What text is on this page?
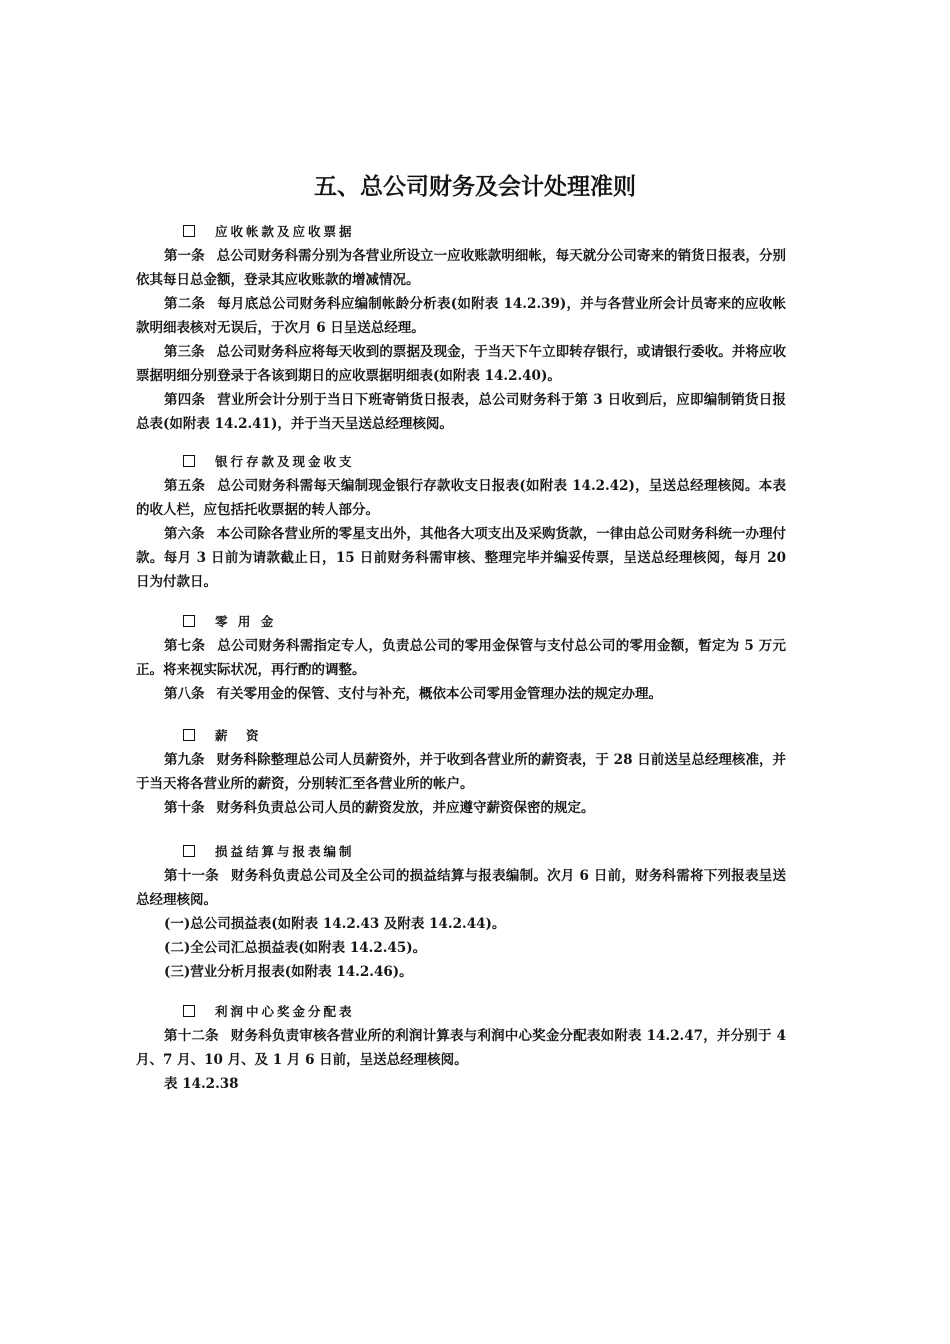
五、总公司财务及会计处理准则
应收帐款及应收票据
第一条 总公司财务科需分别为各营业所设立一应收账款明细帐，每天就分公司寄来的销货日报表，分别依其每日总金额，登录其应收账款的增减情况。
第二条 每月底总公司财务科应编制帐龄分析表(如附表 14.2.39)，并与各营业所会计员寄来的应收帐款明细表核对无误后，于次月 6 日呈送总经理。
第三条 总公司财务科应将每天收到的票据及现金，于当天下午立即转存银行，或请银行委收。并将应收票据明细分别登录于各该到期日的应收票据明细表(如附表 14.2.40)。
第四条 营业所会计分别于当日下班寄销货日报表，总公司财务科于第 3 日收到后，应即编制销货日报总表(如附表 14.2.41)，并于当天呈送总经理核阅。
银行存款及现金收支
第五条 总公司财务科需每天编制现金银行存款收支日报表(如附表 14.2.42)，呈送总经理核阅。本表的收人栏，应包括托收票据的转人部分。
第六条 本公司除各营业所的零星支出外，其他各大项支出及采购货款，一律由总公司财务科统一办理付款。每月 3 日前为请款截止日，15 日前财务科需审核、整理完毕并编妥传票，呈送总经理核阅，每月 20 日为付款日。
零 用 金
第七条 总公司财务科需指定专人，负责总公司的零用金保管与支付总公司的零用金额，暂定为 5 万元正。将来视实际状况，再行酌的调整。
第八条 有关零用金的保管、支付与补充，概依本公司零用金管理办法的规定办理。
薪　资
第九条 财务科除整理总公司人员薪资外，并于收到各营业所的薪资表，于 28 日前送呈总经理核准，并于当天将各营业所的薪资，分别转汇至各营业所的帐户。
第十条 财务科负责总公司人员的薪资发放，并应遵守薪资保密的规定。
损益结算与报表编制
第十一条 财务科负责总公司及全公司的损益结算与报表编制。次月 6 日前，财务科需将下列报表呈送总经理核阅。
(一)总公司损益表(如附表 14.2.43 及附表 14.2.44)。
(二)全公司汇总损益表(如附表 14.2.45)。
(三)营业分析月报表(如附表 14.2.46)。
利润中心奖金分配表
第十二条 财务科负责审核各营业所的利润计算表与利润中心奖金分配表如附表 14.2.47，并分别于 4 月、7 月、10 月、及 1 月 6 日前，呈送总经理核阅。
表 14.2.38
